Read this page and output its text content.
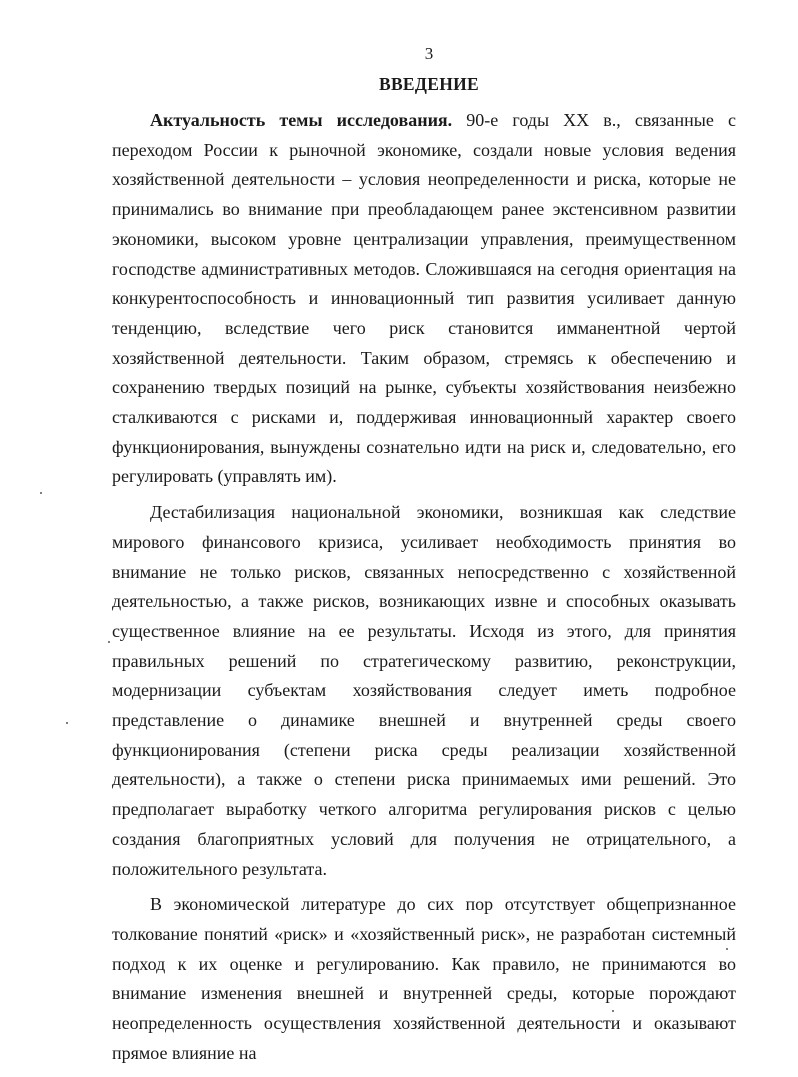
3
ВВЕДЕНИЕ

Актуальность темы исследования. 90-е годы XX в., связанные с переходом России к рыночной экономике, создали новые условия ведения хозяйственной деятельности – условия неопределенности и риска, которые не принимались во внимание при преобладающем ранее экстенсивном развитии экономики, высоком уровне централизации управления, преимущественном господстве административных методов. Сложившаяся на сегодня ориентация на конкурентоспособность и инновационный тип развития усиливает данную тенденцию, вследствие чего риск становится имманентной чертой хозяйственной деятельности. Таким образом, стремясь к обеспечению и сохранению твердых позиций на рынке, субъекты хозяйствования неизбежно сталкиваются с рисками и, поддерживая инновационный характер своего функционирования, вынуждены сознательно идти на риск и, следовательно, его регулировать (управлять им).

Дестабилизация национальной экономики, возникшая как следствие мирового финансового кризиса, усиливает необходимость принятия во внимание не только рисков, связанных непосредственно с хозяйственной деятельностью, а также рисков, возникающих извне и способных оказывать существенное влияние на ее результаты. Исходя из этого, для принятия правильных решений по стратегическому развитию, реконструкции, модернизации субъектам хозяйствования следует иметь подробное представление о динамике внешней и внутренней среды своего функционирования (степени риска среды реализации хозяйственной деятельности), а также о степени риска принимаемых ими решений. Это предполагает выработку четкого алгоритма регулирования рисков с целью создания благоприятных условий для получения не отрицательного, а положительного результата.

В экономической литературе до сих пор отсутствует общепризнанное толкование понятий «риск» и «хозяйственный риск», не разработан системный подход к их оценке и регулированию. Как правило, не принимаются во внимание изменения внешней и внутренней среды, которые порождают неопределенность осуществления хозяйственной деятельности и оказывают прямое влияние на
